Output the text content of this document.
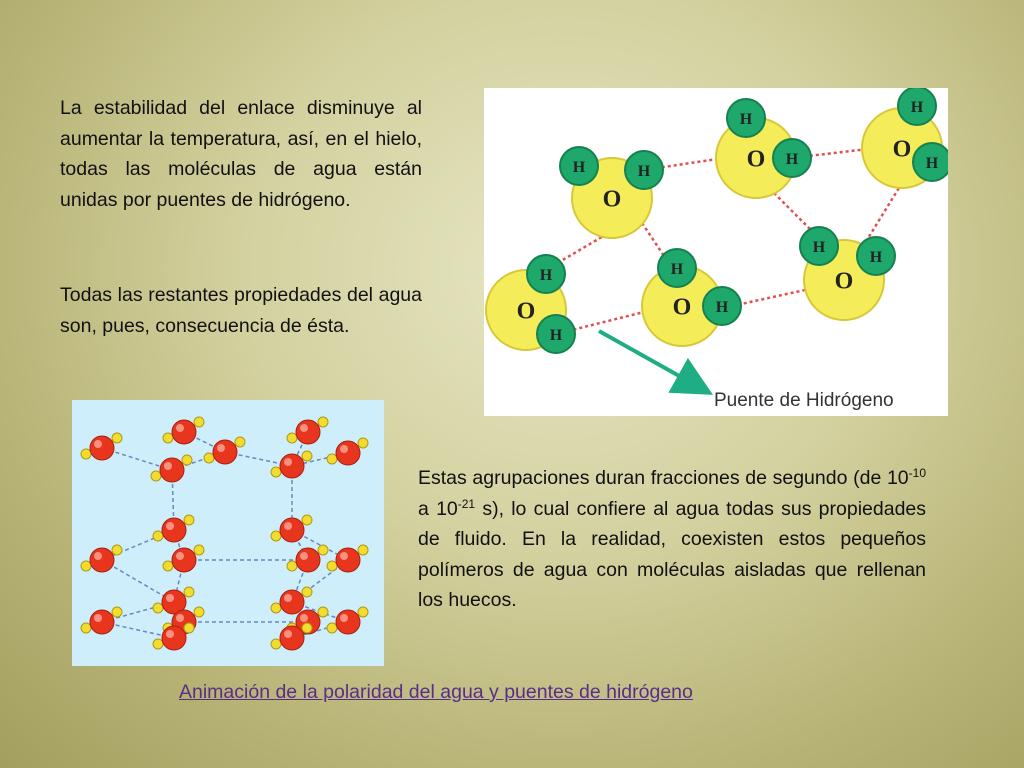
La estabilidad del enlace disminuye al aumentar la temperatura, así, en el hielo, todas las moléculas de agua están unidas por puentes de hidrógeno.

Todas las restantes propiedades del agua son, pues, consecuencia de ésta.

Estas agrupaciones duran fracciones de segundo (de $10^{-10}$ a $10^{-21}$ s), lo cual confiere al agua todas sus propiedades de fluido. En la realidad, coexisten estos pequeños polímeros de agua con moléculas aisladas que rellenan los huecos.

O
H	H	O
H
H	O
H
H
O
H
H
O
H
H
O
H
H
Puente de Hidrógeno
Animación de la polaridad del agua y puentes de hidrógeno
